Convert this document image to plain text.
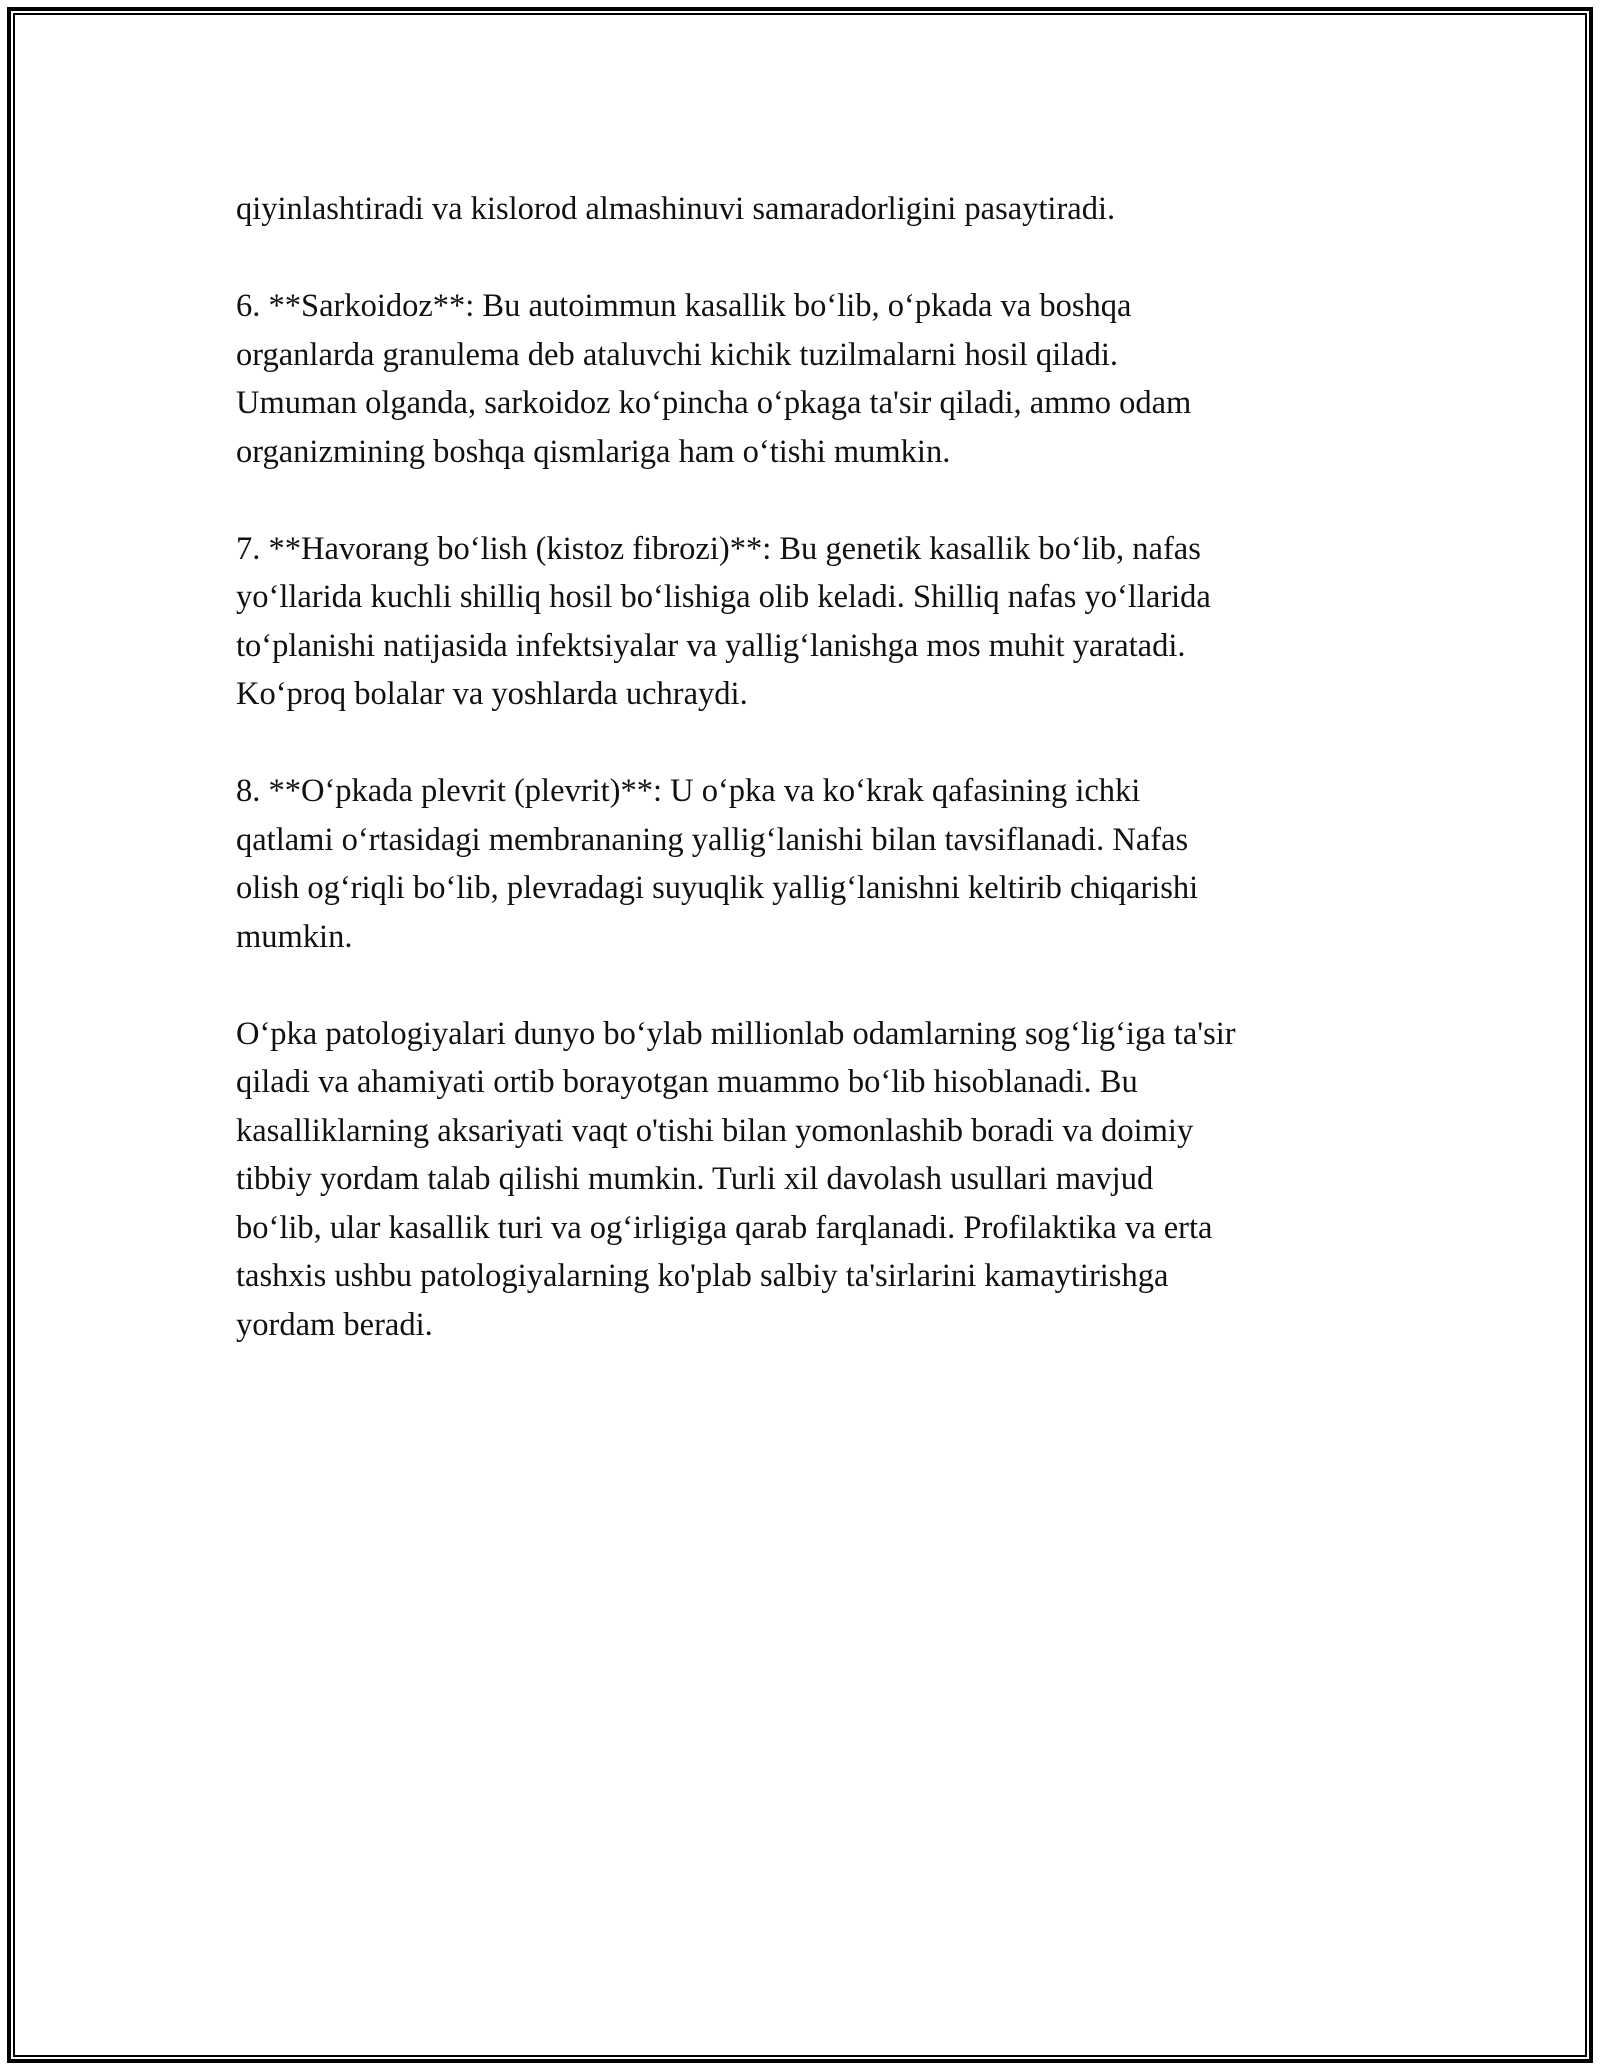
qiyinlashtiradi va kislorod almashinuvi samaradorligini pasaytiradi.

6. **Sarkoidoz**: Bu autoimmun kasallik bo‘lib, o‘pkada va boshqa
organlarda granulema deb ataluvchi kichik tuzilmalarni hosil qiladi.
Umuman olganda, sarkoidoz ko‘pincha o‘pkaga ta'sir qiladi, ammo odam
organizmining boshqa qismlariga ham o‘tishi mumkin.

7. **Havorang bo‘lish (kistoz fibrozi)**: Bu genetik kasallik bo‘lib, nafas
yo‘llarida kuchli shilliq hosil bo‘lishiga olib keladi. Shilliq nafas yo‘llarida
to‘planishi natijasida infektsiyalar va yallig‘lanishga mos muhit yaratadi.
Ko‘proq bolalar va yoshlarda uchraydi.

8. **O‘pkada plevrit (plevrit)**: U o‘pka va ko‘krak qafasining ichki
qatlami o‘rtasidagi membrananing yallig‘lanishi bilan tavsiflanadi. Nafas
olish og‘riqli bo‘lib, plevradagi suyuqlik yallig‘lanishni keltirib chiqarishi
mumkin.

O‘pka patologiyalari dunyo bo‘ylab millionlab odamlarning sog‘lig‘iga ta'sir
qiladi va ahamiyati ortib borayotgan muammo bo‘lib hisoblanadi. Bu
kasalliklarning aksariyati vaqt o'tishi bilan yomonlashib boradi va doimiy
tibbiy yordam talab qilishi mumkin. Turli xil davolash usullari mavjud
bo‘lib, ular kasallik turi va og‘irligiga qarab farqlanadi. Profilaktika va erta
tashxis ushbu patologiyalarning ko'plab salbiy ta'sirlarini kamaytirishga
yordam beradi.
